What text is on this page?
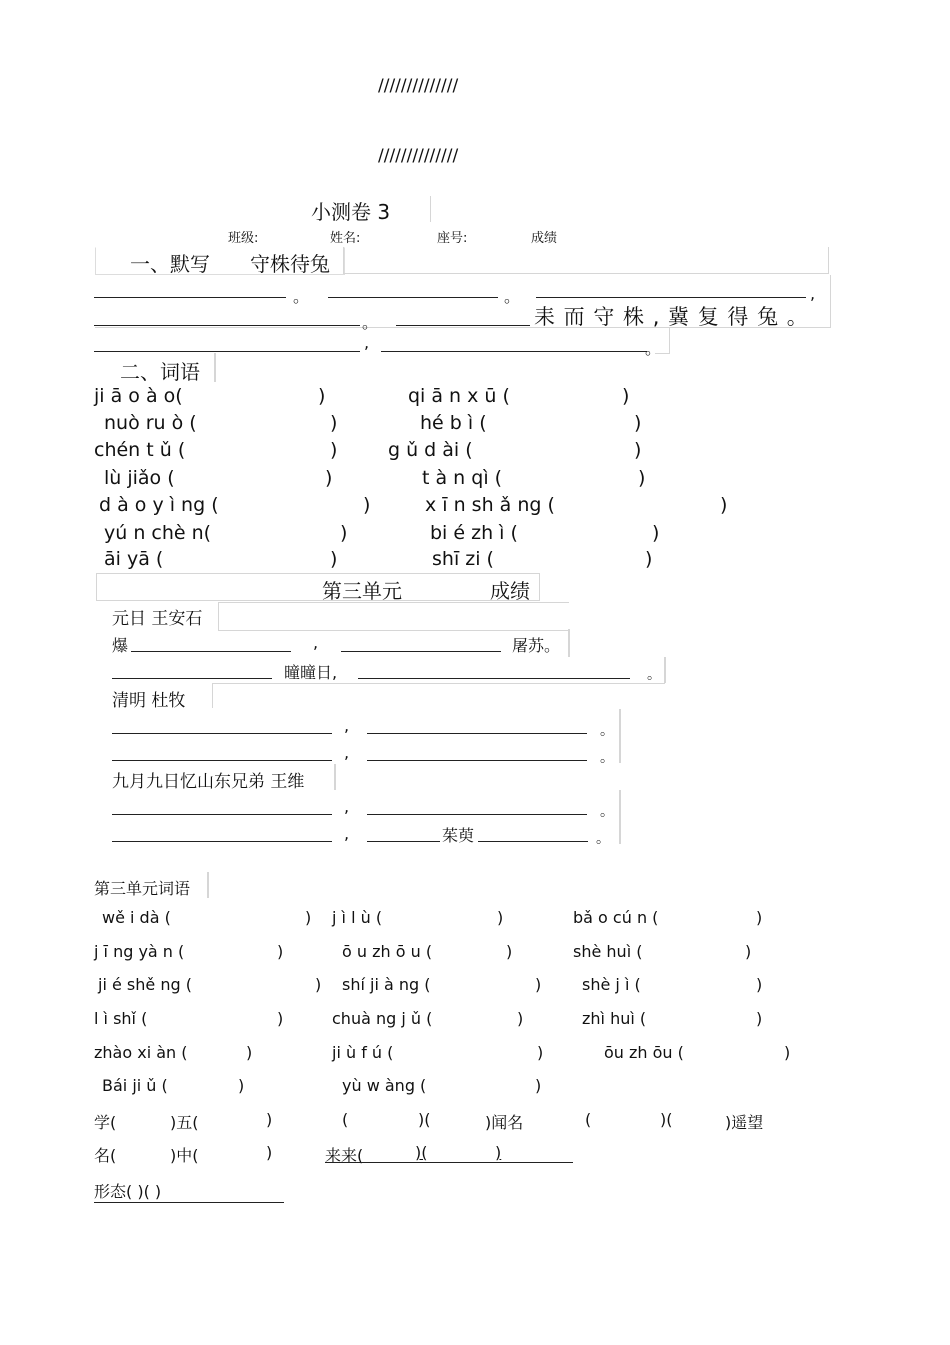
//////////////
//////////////
小测卷 3
班级:	姓名:	座号:	成绩
一、默写 守株待兔
。	。	,
。	耒 而 守 株 , 冀 复 得 兔 。
,	。
二、词语
ji ā o à o(	)	qi ā n x ū (	)
nuò ru ò (	)	hé b ì (	)
chén t ǔ (	)	g ǔ d ài (	)
lù jiǎo (	)	t à n qì (	)
d à o y ì ng (	)	x ī n sh ǎ ng (	)
yú n chè n(	)	bi é zh ì (	)
āi yā (	)	shī zi (	)
第三单元	成绩
元日 王安石
爆	,	屠苏。
曈曈日,	。
清明 杜牧
,	。
,	。
九月九日忆山东兄弟 王维
,	。
,	茱萸	。
第三单元词语
wě i dà (	) j ì l ù (	)	bǎ o cú n (	)
j ī ng yà n (	)	ō u zh ō u (	)	shè huì (	)
ji é shě ng (	) shí ji à ng (	)	shè j ì (	)
l ì shǐ (	)	chuà ng j ǔ (	)	zhì huì (	)
zhào xi àn (	)	ji ù f ú (	)	ōu zh ōu (	)
Bái ji ǔ (	)	yù w àng (	)
学(	)五(	)	(	)(	)闻名	(	)(	)遥望
名(	)中(	)	来来(	)(	)
形态( )( )
